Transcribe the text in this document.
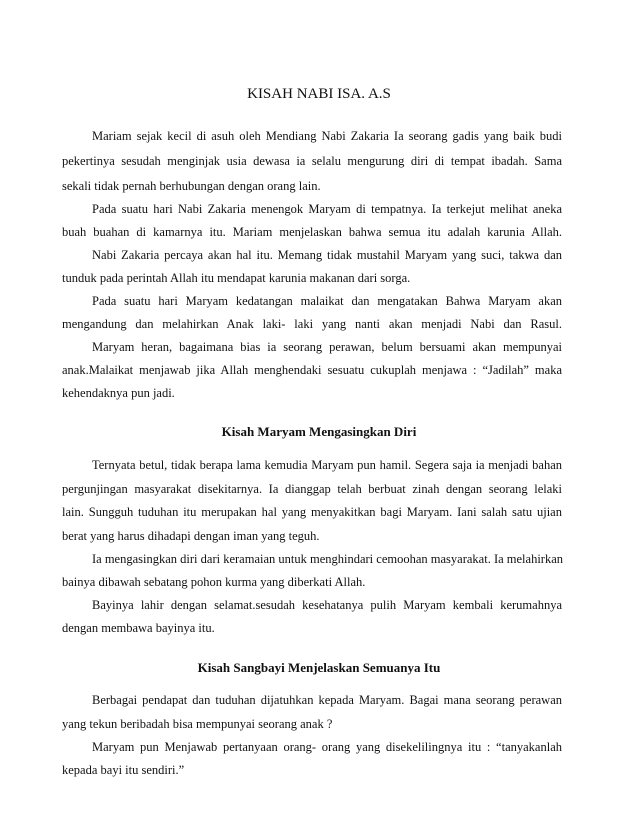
KISAH NABI ISA. A.S
Mariam sejak kecil di asuh oleh Mendiang Nabi Zakaria Ia seorang gadis yang baik budi
pekertinya sesudah menginjak usia dewasa ia selalu mengurung diri di tempat ibadah. Sama
sekali tidak pernah berhubungan dengan orang lain.
Pada suatu hari Nabi Zakaria menengok Maryam di tempatnya. Ia terkejut melihat aneka
buah buahan di kamarnya itu. Mariam menjelaskan bahwa semua itu adalah karunia Allah.
Nabi Zakaria percaya akan hal itu. Memang tidak mustahil Maryam yang suci, takwa dan
tunduk pada perintah Allah itu mendapat karunia makanan dari sorga.
Pada suatu hari Maryam kedatangan malaikat dan mengatakan Bahwa Maryam akan
mengandung dan melahirkan Anak laki- laki yang nanti akan menjadi Nabi dan Rasul.
Maryam heran, bagaimana bias ia seorang perawan, belum bersuami akan mempunyai
anak.Malaikat menjawab jika Allah menghendaki sesuatu cukuplah menjawa : “Jadilah” maka
kehendaknya pun jadi.
Kisah Maryam Mengasingkan Diri
Ternyata betul, tidak berapa lama kemudia Maryam pun hamil. Segera saja ia menjadi bahan
pergunjingan masyarakat disekitarnya. Ia dianggap telah berbuat zinah dengan seorang lelaki
lain. Sungguh tuduhan itu merupakan hal yang menyakitkan bagi Maryam. Iani salah satu ujian
berat yang harus dihadapi dengan iman yang teguh.
Ia mengasingkan diri dari keramaian untuk menghindari cemoohan masyarakat. Ia melahirkan
bainya dibawah sebatang pohon kurma yang diberkati Allah.
Bayinya lahir dengan selamat.sesudah kesehatanya pulih Maryam kembali kerumahnya
dengan membawa bayinya itu.
Kisah Sangbayi Menjelaskan Semuanya Itu
Berbagai pendapat dan tuduhan dijatuhkan kepada Maryam. Bagai mana seorang perawan
yang tekun beribadah bisa mempunyai seorang anak ?
Maryam pun Menjawab pertanyaan orang- orang yang disekelilingnya itu : “tanyakanlah
kepada bayi itu sendiri.”
